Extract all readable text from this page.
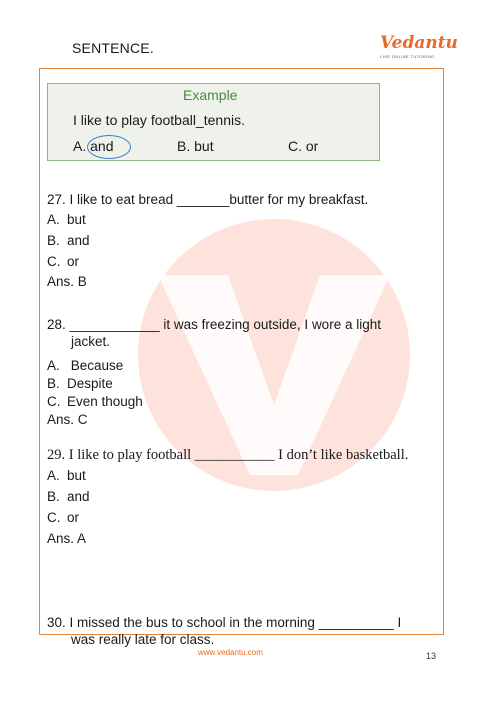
SENTENCE.	Vedantu
LIVE ONLINE TUTORING
Example
I like to play football_tennis.
A. and	B. but	C. or
27. I like to eat bread _______butter for my breakfast.
A. but
B. and
C. or
Ans. B
28. ____________ it was freezing outside, I wore a light
jacket.
A. Because
B. Despite
C. Even though
Ans. C
29. I like to play football ___________ I don’t like basketball.
A. but
B. and
C. or
Ans. A
30. I missed the bus to school in the morning __________ I
was really late for class.
www.vedantu.com	13
